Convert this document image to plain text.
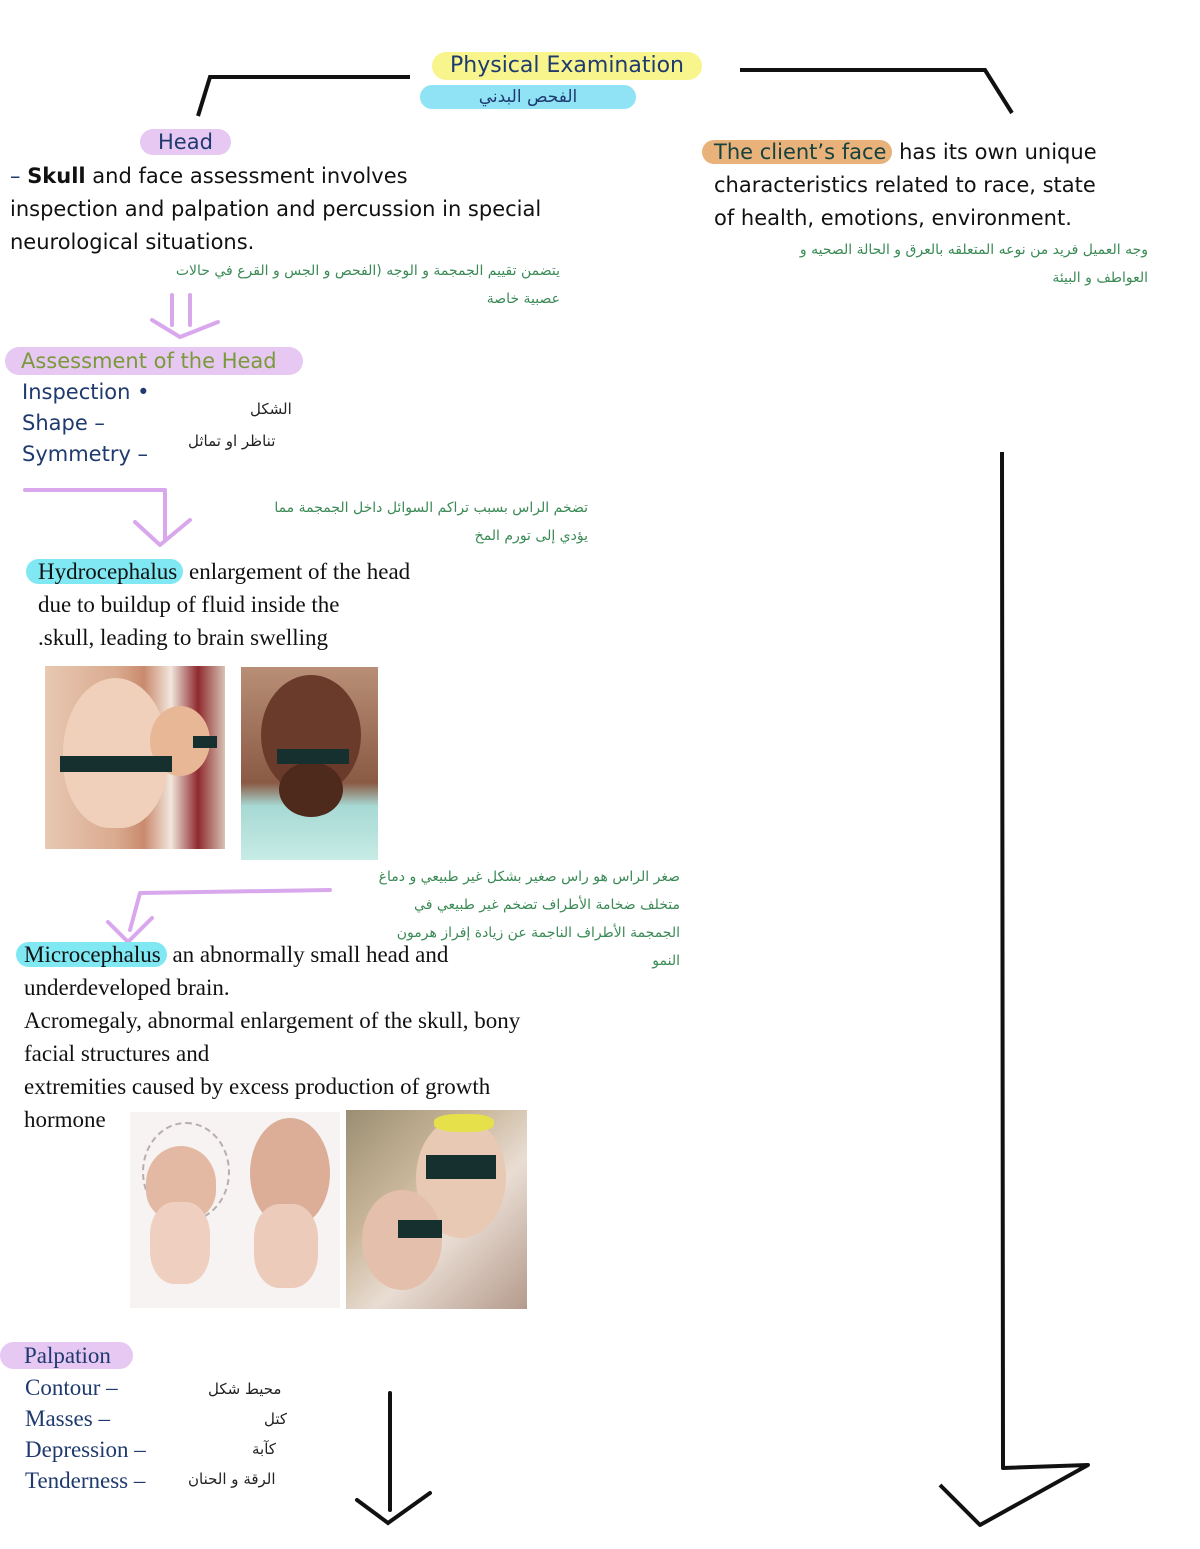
Physical Examination
الفحص البدني
Head
– Skull and face assessment involves
inspection and palpation and percussion in special
neurological situations.
يتضمن تقييم الجمجمة و الوجه (الفحص و الجس و القرع في حالات
عصبية خاصة
The client’s face has its own unique
characteristics related to race, state
of health, emotions, environment.
وجه العميل فريد من نوعه المتعلقه بالعرق و الحالة الصحيه و
العواطف و البيئة
Assessment of the Head
Inspection •
Shape –
Symmetry –
الشكل
تناظر او تماثل
تضخم الراس بسبب تراكم السوائل داخل الجمجمة مما
يؤدي إلى تورم المخ
Hydrocephalus enlargement of the head
due to buildup of fluid inside the
.skull, leading to brain swelling
صغر الراس هو راس صغير بشكل غير طبيعي و دماغ
متخلف ضخامة الأطراف تضخم غير طبيعي في
الجمجمة الأطراف الناجمة عن زيادة إفراز هرمون
النمو
Microcephalus an abnormally small head and
underdeveloped brain.
Acromegaly, abnormal enlargement of the skull, bony
facial structures and
extremities caused by excess production of growth
hormone
Palpation
Contour –
Masses –
Depression –
Tenderness –
محيط شكل
كتل
كآبة
الرقة و الحنان
